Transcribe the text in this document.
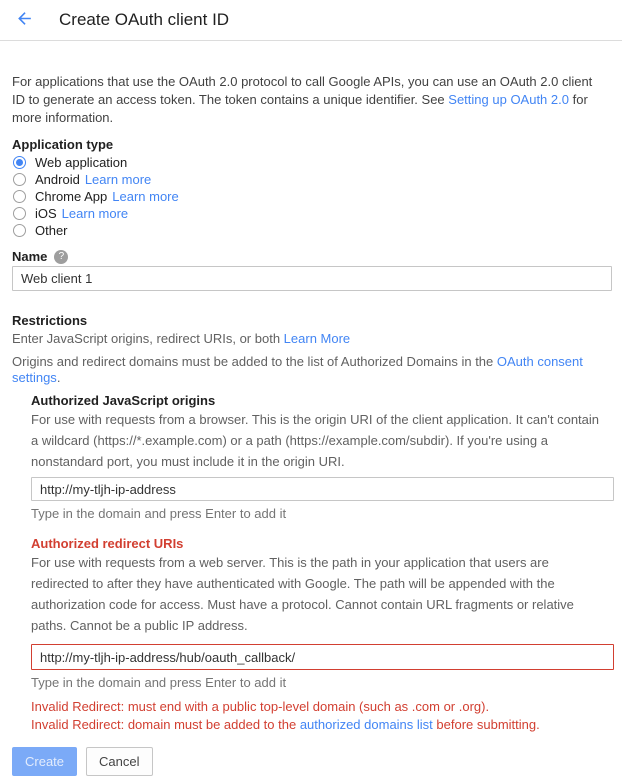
Create OAuth client ID

For applications that use the OAuth 2.0 protocol to call Google APIs, you can use an OAuth 2.0 client ID to generate an access token. The token contains a unique identifier. See Setting up OAuth 2.0 for more information.

Application type
Web application
Android Learn more
Chrome App Learn more
iOS Learn more
Other
Name	?
Web client 1
Restrictions
Enter JavaScript origins, redirect URIs, or both Learn More
Origins and redirect domains must be added to the list of Authorized Domains in the OAuth consent settings.
Authorized JavaScript origins
For use with requests from a browser. This is the origin URI of the client application. It can't contain a wildcard (https://*.example.com) or a path (https://example.com/subdir). If you're using a nonstandard port, you must include it in the origin URI.
http://my-tljh-ip-address
Type in the domain and press Enter to add it
Authorized redirect URIs
For use with requests from a web server. This is the path in your application that users are redirected to after they have authenticated with Google. The path will be appended with the authorization code for access. Must have a protocol. Cannot contain URL fragments or relative paths. Cannot be a public IP address.
http://my-tljh-ip-address/hub/oauth_callback/
Type in the domain and press Enter to add it
Invalid Redirect: must end with a public top-level domain (such as .com or .org).
Invalid Redirect: domain must be added to the authorized domains list before submitting.
Create	Cancel
